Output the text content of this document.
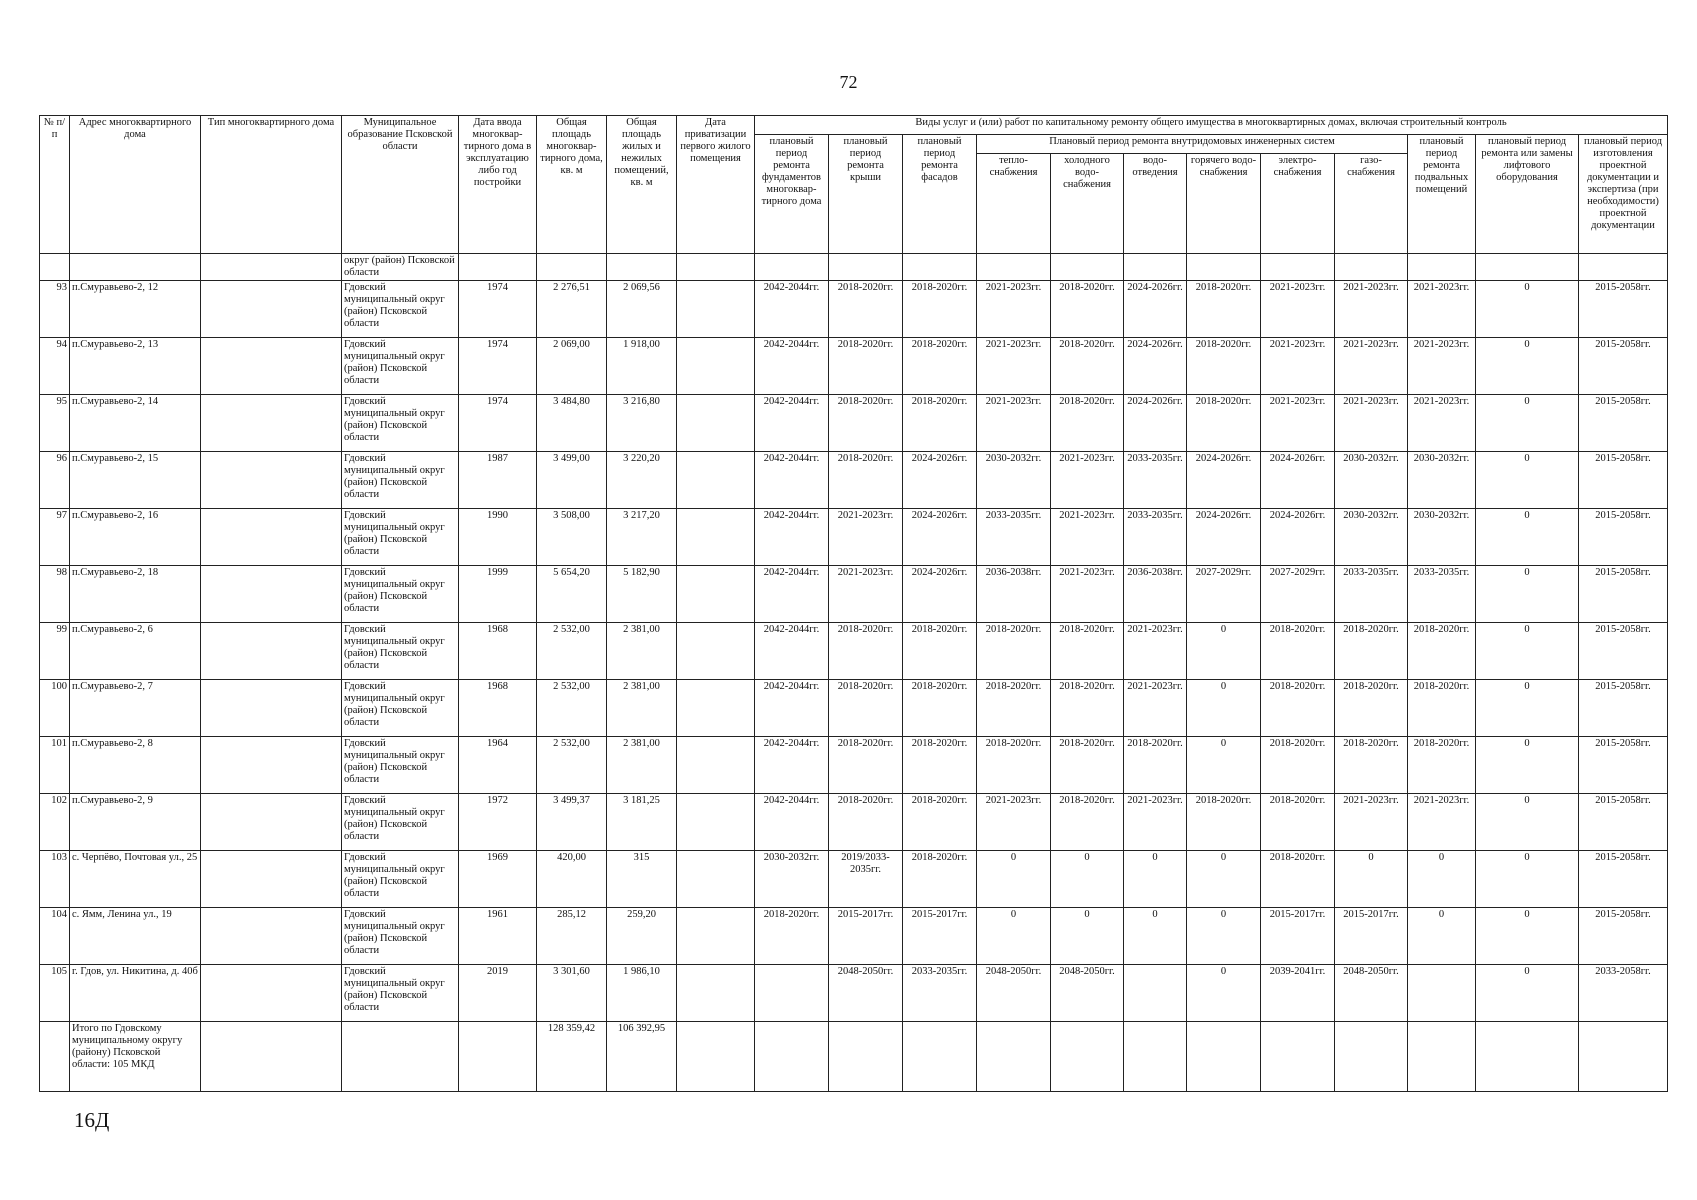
72
№ п/п	Адрес многоквартирного дома	Тип многоквартирного дома	Муниципальное образование Псковской области	Дата ввода многоквар-тирного дома в эксплуатацию либо год постройки	Общая площадь многоквар-тирного дома, кв. м	Общая площадь жилых и нежилых помещений, кв. м	Дата приватизации первого жилого помещения	Виды услуг и (или) работ по капитальному ремонту общего имущества в многоквартирных домах, включая строительный контроль											
								плановый период ремонта фундаментов многоквар-тирного дома	плановый период ремонта крыши	плановый период ремонта фасадов	Плановый период ремонта внутридомовых инженерных систем						плановый период ремонта подвальных помещений	плановый период ремонта или замены лифтового оборудования	плановый период изготовления проектной документации и экспертиза (при необходимости) проектной документации
											тепло-снабжения	холодного водо-снабжения	водо-отведения	горячего водо-снабжения	электро-снабжения	газо-снабжения			
			округ (район) Псковской области																
93	п.Смуравьево-2, 12		Гдовский муниципальный округ (район) Псковской области	1974	2 276,51	2 069,56		2042-2044гг.	2018-2020гг.	2018-2020гг.	2021-2023гг.	2018-2020гг.	2024-2026гг.	2018-2020гг.	2021-2023гг.	2021-2023гг.	2021-2023гг.	0	2015-2058гг.
94	п.Смуравьево-2, 13		Гдовский муниципальный округ (район) Псковской области	1974	2 069,00	1 918,00		2042-2044гг.	2018-2020гг.	2018-2020гг.	2021-2023гг.	2018-2020гг.	2024-2026гг.	2018-2020гг.	2021-2023гг.	2021-2023гг.	2021-2023гг.	0	2015-2058гг.
95	п.Смуравьево-2, 14		Гдовский муниципальный округ (район) Псковской области	1974	3 484,80	3 216,80		2042-2044гг.	2018-2020гг.	2018-2020гг.	2021-2023гг.	2018-2020гг.	2024-2026гг.	2018-2020гг.	2021-2023гг.	2021-2023гг.	2021-2023гг.	0	2015-2058гг.
96	п.Смуравьево-2, 15		Гдовский муниципальный округ (район) Псковской области	1987	3 499,00	3 220,20		2042-2044гг.	2018-2020гг.	2024-2026гг.	2030-2032гг.	2021-2023гг.	2033-2035гг.	2024-2026гг.	2024-2026гг.	2030-2032гг.	2030-2032гг.	0	2015-2058гг.
97	п.Смуравьево-2, 16		Гдовский муниципальный округ (район) Псковской области	1990	3 508,00	3 217,20		2042-2044гг.	2021-2023гг.	2024-2026гг.	2033-2035гг.	2021-2023гг.	2033-2035гг.	2024-2026гг.	2024-2026гг.	2030-2032гг.	2030-2032гг.	0	2015-2058гг.
98	п.Смуравьево-2, 18		Гдовский муниципальный округ (район) Псковской области	1999	5 654,20	5 182,90		2042-2044гг.	2021-2023гг.	2024-2026гг.	2036-2038гг.	2021-2023гг.	2036-2038гг.	2027-2029гг.	2027-2029гг.	2033-2035гг.	2033-2035гг.	0	2015-2058гг.
99	п.Смуравьево-2, 6		Гдовский муниципальный округ (район) Псковской области	1968	2 532,00	2 381,00		2042-2044гг.	2018-2020гг.	2018-2020гг.	2018-2020гг.	2018-2020гг.	2021-2023гг.	0	2018-2020гг.	2018-2020гг.	2018-2020гг.	0	2015-2058гг.
100	п.Смуравьево-2, 7		Гдовский муниципальный округ (район) Псковской области	1968	2 532,00	2 381,00		2042-2044гг.	2018-2020гг.	2018-2020гг.	2018-2020гг.	2018-2020гг.	2021-2023гг.	0	2018-2020гг.	2018-2020гг.	2018-2020гг.	0	2015-2058гг.
101	п.Смуравьево-2, 8		Гдовский муниципальный округ (район) Псковской области	1964	2 532,00	2 381,00		2042-2044гг.	2018-2020гг.	2018-2020гг.	2018-2020гг.	2018-2020гг.	2018-2020гг.	0	2018-2020гг.	2018-2020гг.	2018-2020гг.	0	2015-2058гг.
102	п.Смуравьево-2, 9		Гдовский муниципальный округ (район) Псковской области	1972	3 499,37	3 181,25		2042-2044гг.	2018-2020гг.	2018-2020гг.	2021-2023гг.	2018-2020гг.	2021-2023гг.	2018-2020гг.	2018-2020гг.	2021-2023гг.	2021-2023гг.	0	2015-2058гг.
103	с. Черпёво, Почтовая ул., 25		Гдовский муниципальный округ (район) Псковской области	1969	420,00	315		2030-2032гг.	2019/2033-2035гг.	2018-2020гг.	0	0	0	0	2018-2020гг.	0	0	0	2015-2058гг.
104	с. Ямм, Ленина ул., 19		Гдовский муниципальный округ (район) Псковской области	1961	285,12	259,20		2018-2020гг.	2015-2017гг.	2015-2017гг.	0	0	0	0	2015-2017гг.	2015-2017гг.	0	0	2015-2058гг.
105	г. Гдов, ул. Никитина, д. 40б		Гдовский муниципальный округ (район) Псковской области	2019	3 301,60	1 986,10			2048-2050гг.	2033-2035гг.	2048-2050гг.	2048-2050гг.		0	2039-2041гг.	2048-2050гг.		0	2033-2058гг.
	Итого по Гдовскому муниципальному округу (району) Псковской области: 105 МКД				128 359,42	106 392,95													
16Д
